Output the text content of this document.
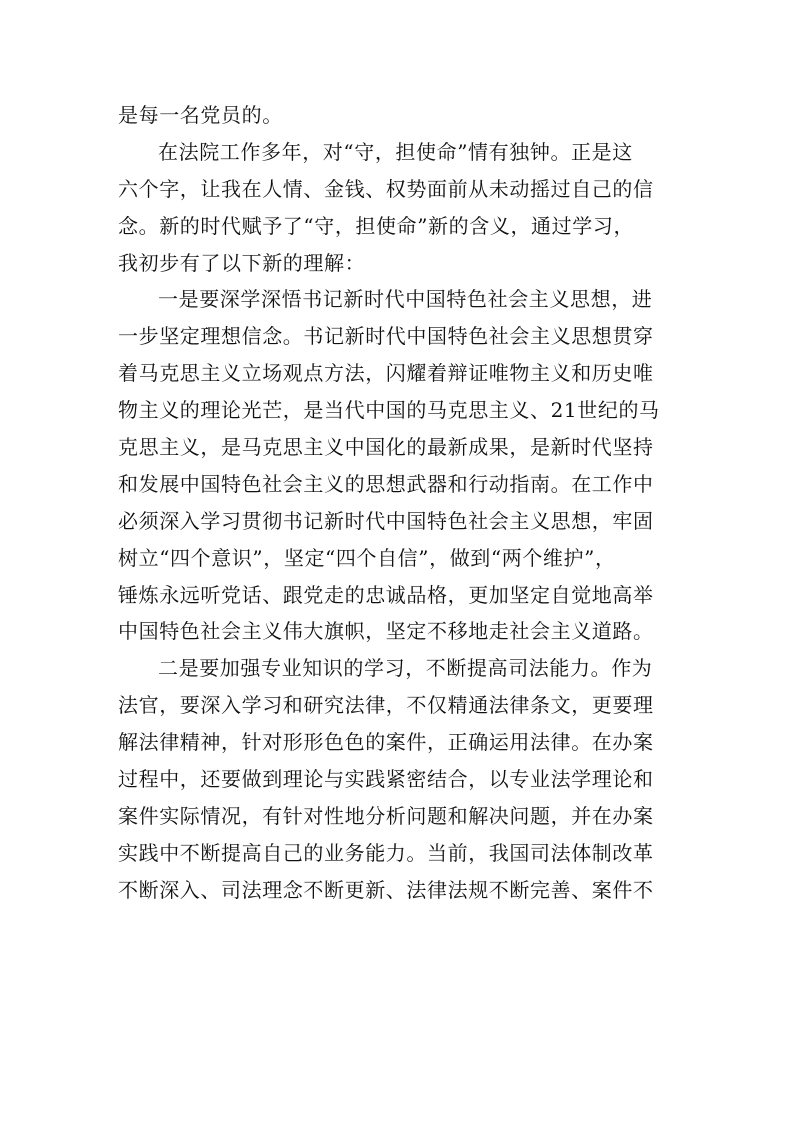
是每一名党员的。
在法院工作多年，对“守，担使命”情有独钟。正是这
六个字，让我在人情、金钱、权势面前从未动摇过自己的信
念。新的时代赋予了“守，担使命”新的含义，通过学习，
我初步有了以下新的理解：
一是要深学深悟书记新时代中国特色社会主义思想，进
一步坚定理想信念。书记新时代中国特色社会主义思想贯穿
着马克思主义立场观点方法，闪耀着辩证唯物主义和历史唯
物主义的理论光芒，是当代中国的马克思主义、21世纪的马
克思主义，是马克思主义中国化的最新成果，是新时代坚持
和发展中国特色社会主义的思想武器和行动指南。在工作中
必须深入学习贯彻书记新时代中国特色社会主义思想，牢固
树立“四个意识”，坚定“四个自信”，做到“两个维护”，
锤炼永远听党话、跟党走的忠诚品格，更加坚定自觉地高举
中国特色社会主义伟大旗帜，坚定不移地走社会主义道路。
二是要加强专业知识的学习，不断提高司法能力。作为
法官，要深入学习和研究法律，不仅精通法律条文，更要理
解法律精神，针对形形色色的案件，正确运用法律。在办案
过程中，还要做到理论与实践紧密结合，以专业法学理论和
案件实际情况，有针对性地分析问题和解决问题，并在办案
实践中不断提高自己的业务能力。当前，我国司法体制改革
不断深入、司法理念不断更新、法律法规不断完善、案件不
